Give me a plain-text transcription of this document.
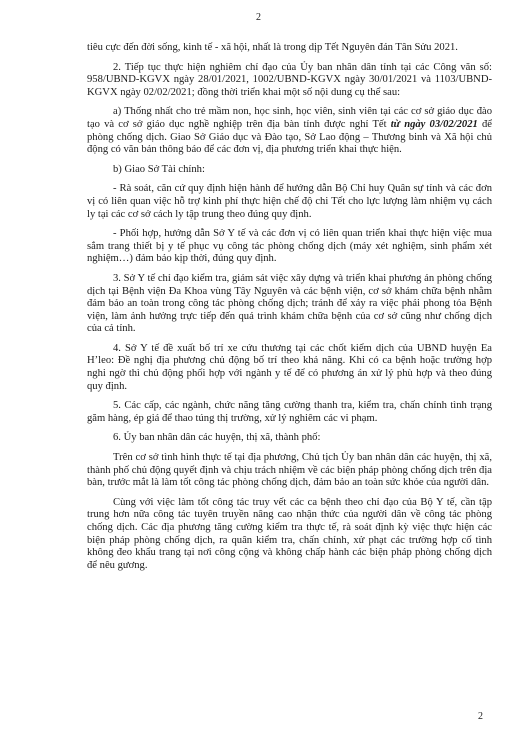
2

tiêu cực đến đời sống, kinh tế - xã hội, nhất là trong dịp Tết Nguyên đán Tân Sửu 2021.

2. Tiếp tục thực hiện nghiêm chỉ đạo của Ủy ban nhân dân tỉnh tại các Công văn số: 958/UBND-KGVX ngày 28/01/2021, 1002/UBND-KGVX ngày 30/01/2021 và 1103/UBND-KGVX ngày 02/02/2021; đồng thời triển khai một số nội dung cụ thể sau:

a) Thống nhất cho trẻ mầm non, học sinh, học viên, sinh viên tại các cơ sở giáo dục đào tạo và cơ sở giáo dục nghề nghiệp trên địa bàn tỉnh được nghỉ Tết từ ngày 03/02/2021 để phòng chống dịch. Giao Sở Giáo dục và Đào tạo, Sở Lao động – Thương binh và Xã hội chủ động có văn bản thông báo để các đơn vị, địa phương triển khai thực hiện.

b) Giao Sở Tài chính:

- Rà soát, căn cứ quy định hiện hành để hướng dẫn Bộ Chỉ huy Quân sự tỉnh và các đơn vị có liên quan việc hỗ trợ kinh phí thực hiện chế độ chi Tết cho lực lượng làm nhiệm vụ cách ly tại các cơ sở cách ly tập trung theo đúng quy định.

- Phối hợp, hướng dẫn Sở Y tế và các đơn vị có liên quan triển khai thực hiện việc mua sắm trang thiết bị y tế phục vụ công tác phòng chống dịch (máy xét nghiệm, sinh phẩm xét nghiệm…) đảm bảo kịp thời, đúng quy định.

3. Sở Y tế chỉ đạo kiểm tra, giám sát việc xây dựng và triển khai phương án phòng chống dịch tại Bệnh viện Đa Khoa vùng Tây Nguyên và các bệnh viện, cơ sở khám chữa bệnh nhằm đảm bảo an toàn trong công tác phòng chống dịch; tránh để xảy ra việc phải phong tỏa Bệnh viện, làm ảnh hưởng trực tiếp đến quá trình khám chữa bệnh của cơ sở cũng như chống dịch của cả tỉnh.

4. Sở Y tế đề xuất bố trí xe cứu thương tại các chốt kiểm dịch của UBND huyện Ea H’leo: Đề nghị địa phương chủ động bố trí theo khả năng. Khi có ca bệnh hoặc trường hợp nghi ngờ thì chủ động phối hợp với ngành y tế để có phương án xử lý phù hợp và theo đúng quy định.

5. Các cấp, các ngành, chức năng tăng cường thanh tra, kiểm tra, chấn chỉnh tình trạng găm hàng, ép giá để thao túng thị trường, xử lý nghiêm các vi phạm.

6. Ủy ban nhân dân các huyện, thị xã, thành phố:

Trên cơ sở tình hình thực tế tại địa phương, Chủ tịch Ủy ban nhân dân các huyện, thị xã, thành phố chủ động quyết định và chịu trách nhiệm về các biện pháp phòng chống dịch trên địa bàn, trước mắt là làm tốt công tác phòng chống dịch, đảm bảo an toàn sức khỏe của người dân.

Cùng với việc làm tốt công tác truy vết các ca bệnh theo chỉ đạo của Bộ Y tế, cần tập trung hơn nữa công tác tuyên truyền nâng cao nhận thức của người dân về công tác phòng chống dịch. Các địa phương tăng cường kiểm tra thực tế, rà soát định kỳ việc thực hiện các biện pháp phòng chống dịch, ra quân kiểm tra, chấn chỉnh, xử phạt các trường hợp cố tình không đeo khẩu trang tại nơi công cộng và không chấp hành các biện pháp phòng chống dịch để nêu gương.

2
